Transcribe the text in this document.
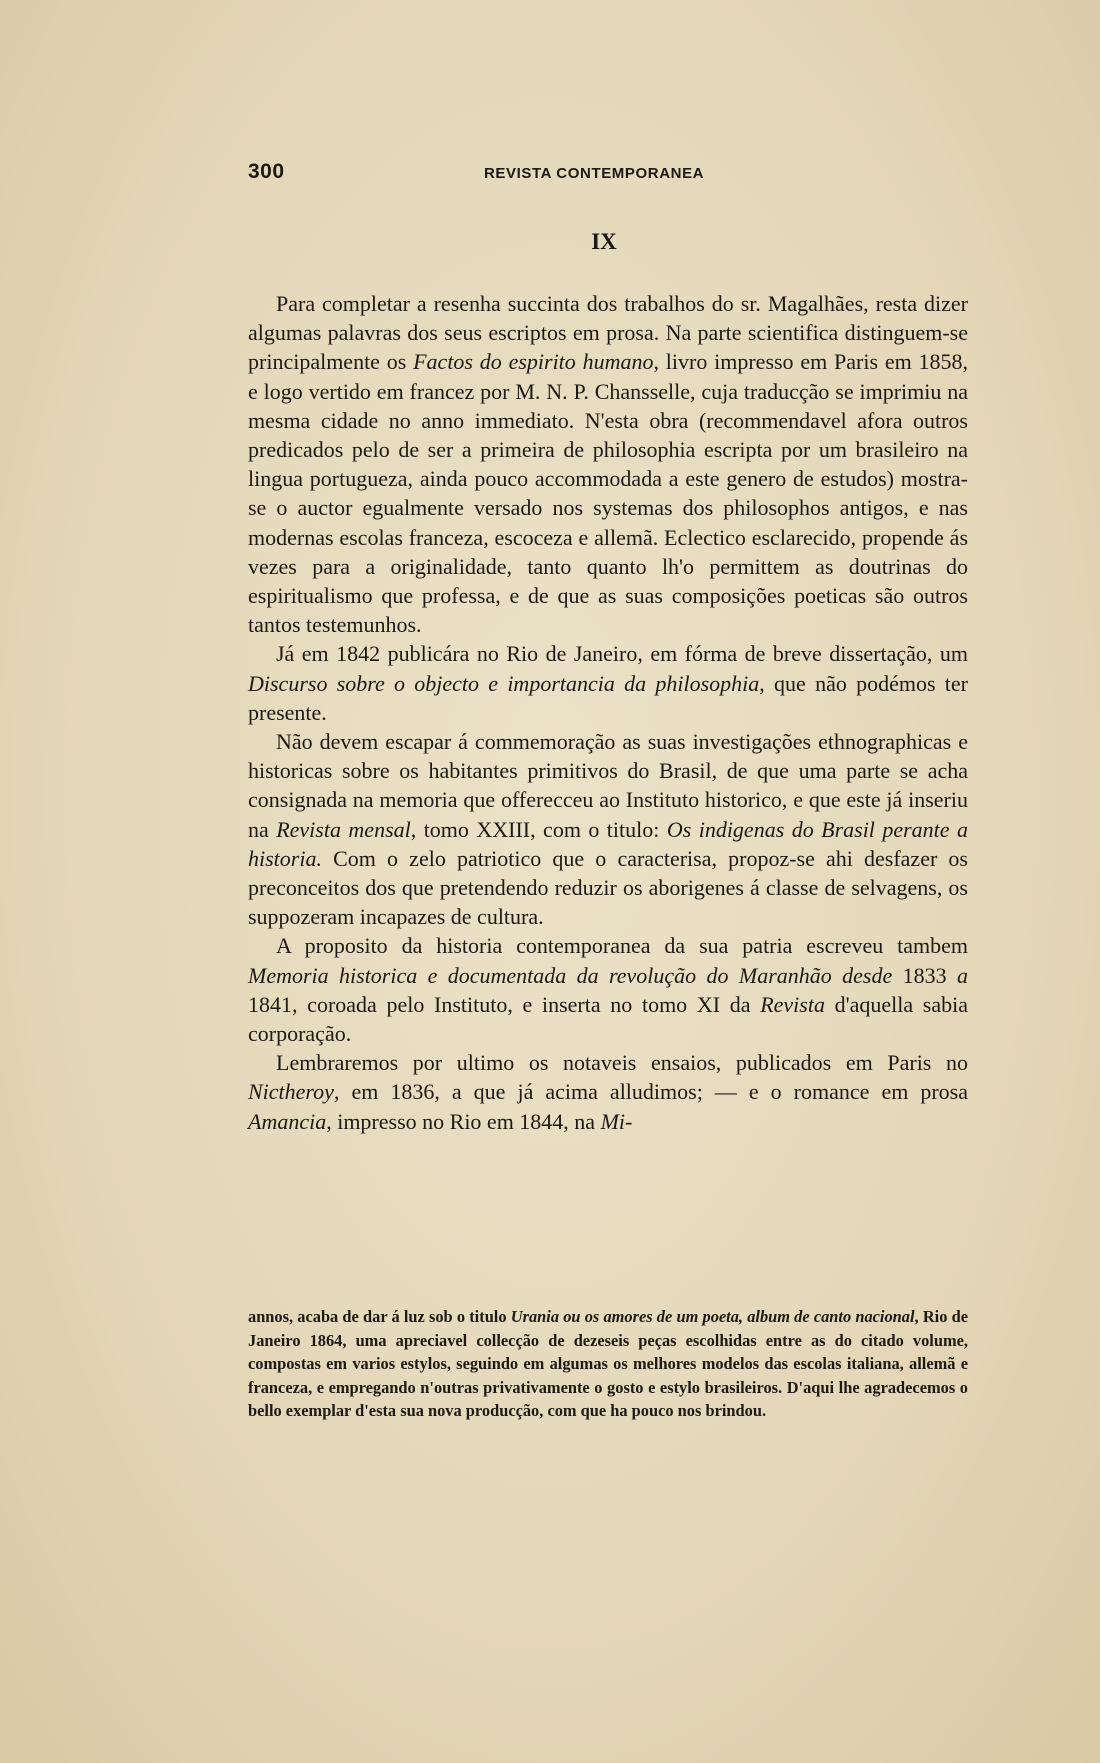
300	REVISTA CONTEMPORANEA
IX

Para completar a resenha succinta dos trabalhos do sr. Magalhães, resta dizer algumas palavras dos seus escriptos em prosa. Na parte scientifica distinguem-se principalmente os Factos do espirito humano, livro impresso em Paris em 1858, e logo vertido em francez por M. N. P. Chansselle, cuja traducção se imprimiu na mesma cidade no anno immediato. N'esta obra (recommendavel afora outros predicados pelo de ser a primeira de philosophia escripta por um brasileiro na lingua portugueza, ainda pouco accommodada a este genero de estudos) mostra-se o auctor egualmente versado nos systemas dos philosophos antigos, e nas modernas escolas franceza, escoceza e allemã. Eclectico esclarecido, propende ás vezes para a originalidade, tanto quanto lh'o permittem as doutrinas do espiritualismo que professa, e de que as suas composições poeticas são outros tantos testemunhos.

Já em 1842 publicára no Rio de Janeiro, em fórma de breve dissertação, um Discurso sobre o objecto e importancia da philosophia, que não podémos ter presente.

Não devem escapar á commemoração as suas investigações ethnographicas e historicas sobre os habitantes primitivos do Brasil, de que uma parte se acha consignada na memoria que offerecceu ao Instituto historico, e que este já inseriu na Revista mensal, tomo XXIII, com o titulo: Os indigenas do Brasil perante a historia. Com o zelo patriotico que o caracterisa, propoz-se ahi desfazer os preconceitos dos que pretendendo reduzir os aborigenes á classe de selvagens, os suppozeram incapazes de cultura.

A proposito da historia contemporanea da sua patria escreveu tambem Memoria historica e documentada da revolução do Maranhão desde 1833 a 1841, coroada pelo Instituto, e inserta no tomo XI da Revista d'aquella sabia corporação.

Lembraremos por ultimo os notaveis ensaios, publicados em Paris no Nictheroy, em 1836, a que já acima alludimos; — e o romance em prosa Amancia, impresso no Rio em 1844, na Mi-

annos, acaba de dar á luz sob o titulo Urania ou os amores de um poeta, album de canto nacional, Rio de Janeiro 1864, uma apreciavel collecção de dezeseis peças escolhidas entre as do citado volume, compostas em varios estylos, seguindo em algumas os melhores modelos das escolas italiana, allemã e franceza, e empregando n'outras privativamente o gosto e estylo brasileiros. D'aqui lhe agradecemos o bello exemplar d'esta sua nova producção, com que ha pouco nos brindou.
